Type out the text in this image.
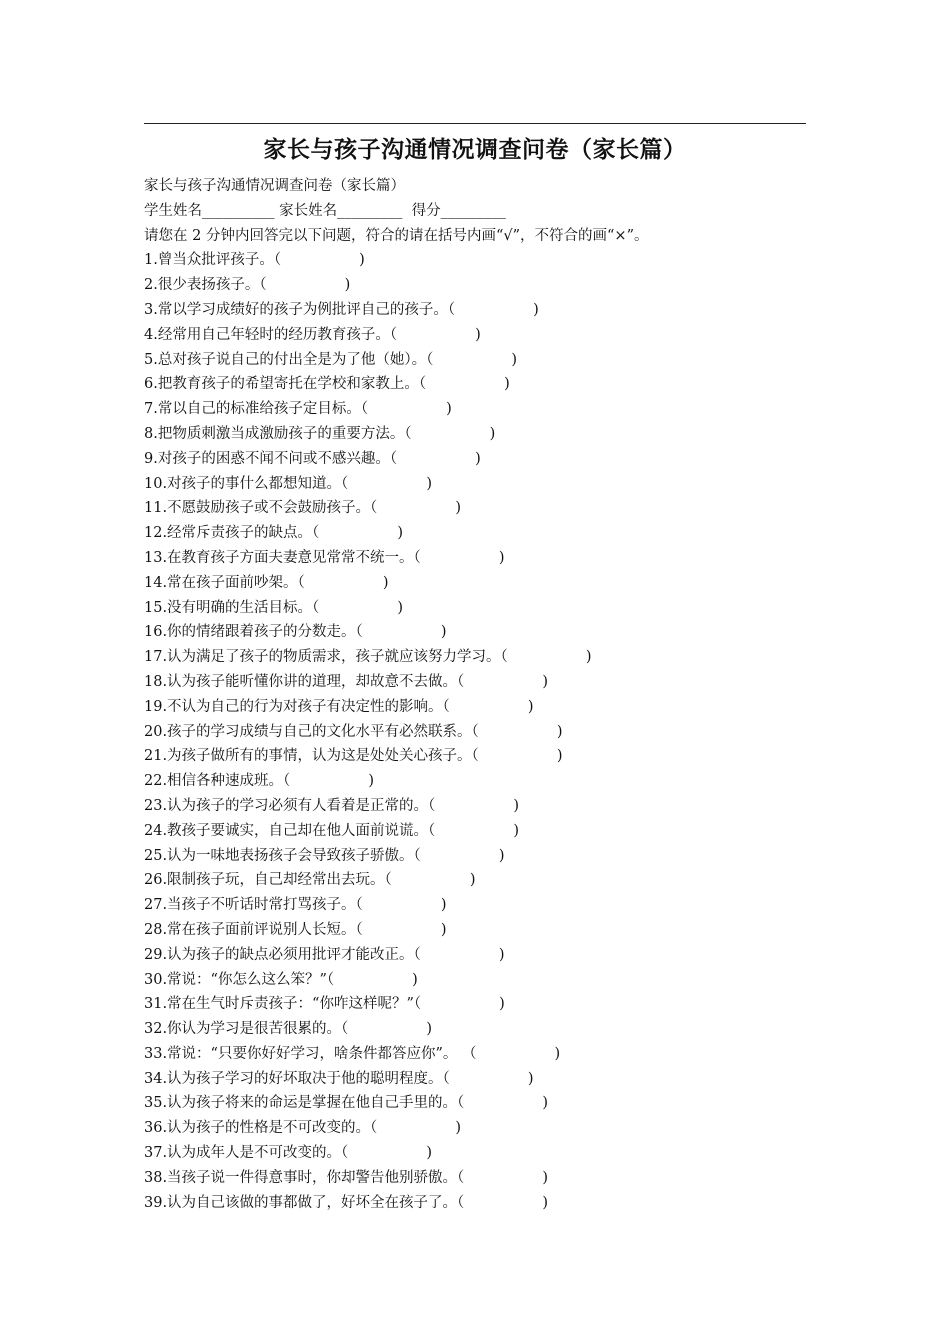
家长与孩子沟通情况调查问卷（家长篇）
家长与孩子沟通情况调查问卷（家长篇）
学生姓名__________ 家长姓名_________ 得分_________
请您在 2 分钟内回答完以下问题，符合的请在括号内画“√”，不符合的画“×”。
1.曾当众批评孩子。（	)
2.很少表扬孩子。（	)
3.常以学习成绩好的孩子为例批评自己的孩子。（	)
4.经常用自己年轻时的经历教育孩子。（	)
5.总对孩子说自己的付出全是为了他（她）。（	)
6.把教育孩子的希望寄托在学校和家教上。（	)
7.常以自己的标准给孩子定目标。（	)
8.把物质刺激当成激励孩子的重要方法。（	)
9.对孩子的困惑不闻不问或不感兴趣。（	)
10.对孩子的事什么都想知道。（	)
11.不愿鼓励孩子或不会鼓励孩子。（	)
12.经常斥责孩子的缺点。（	)
13.在教育孩子方面夫妻意见常常不统一。（	)
14.常在孩子面前吵架。（	)
15.没有明确的生活目标。（	)
16.你的情绪跟着孩子的分数走。（	)
17.认为满足了孩子的物质需求，孩子就应该努力学习。（	)
18.认为孩子能听懂你讲的道理，却故意不去做。（	)
19.不认为自己的行为对孩子有决定性的影响。（	)
20.孩子的学习成绩与自己的文化水平有必然联系。（	)
21.为孩子做所有的事情，认为这是处处关心孩子。（	)
22.相信各种速成班。（	)
23.认为孩子的学习必须有人看着是正常的。（	)
24.教孩子要诚实，自己却在他人面前说谎。（	)
25.认为一味地表扬孩子会导致孩子骄傲。（	)
26.限制孩子玩，自己却经常出去玩。（	)
27.当孩子不听话时常打骂孩子。（	)
28.常在孩子面前评说别人长短。（	)
29.认为孩子的缺点必须用批评才能改正。（	)
30.常说：“你怎么这么笨？”（	)
31.常在生气时斥责孩子：“你咋这样呢？”（	)
32.你认为学习是很苦很累的。（	)
33.常说：“只要你好好学习，啥条件都答应你”。 （	)
34.认为孩子学习的好坏取决于他的聪明程度。（	)
35.认为孩子将来的命运是掌握在他自己手里的。（	)
36.认为孩子的性格是不可改变的。（	)
37.认为成年人是不可改变的。（	)
38.当孩子说一件得意事时，你却警告他别骄傲。（	)
39.认为自己该做的事都做了，好坏全在孩子了。（	)
